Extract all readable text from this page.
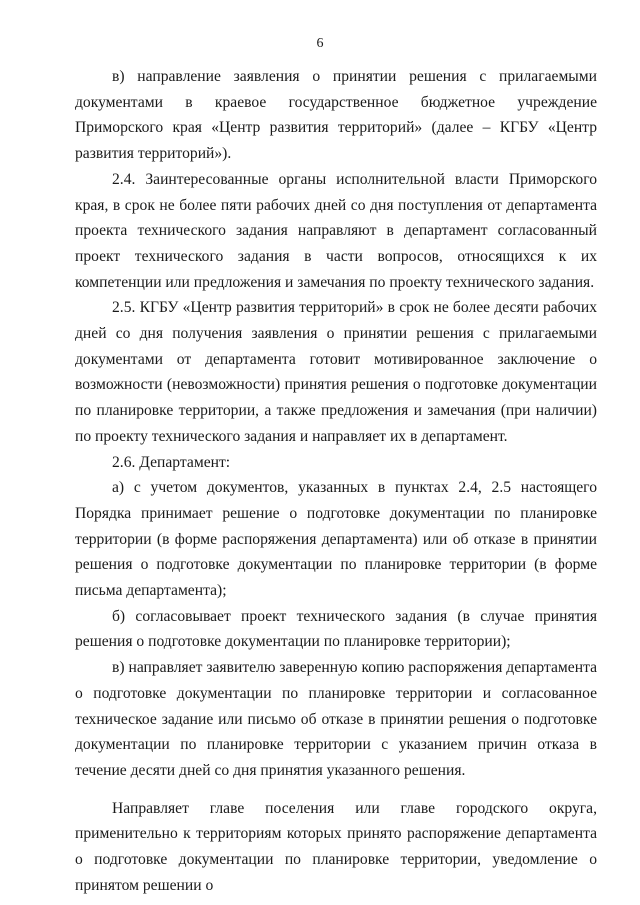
6

в) направление заявления о принятии решения с прилагаемыми документами в краевое государственное бюджетное учреждение Приморского края «Центр развития территорий» (далее – КГБУ «Центр развития территорий»).

2.4. Заинтересованные органы исполнительной власти Приморского края, в срок не более пяти рабочих дней со дня поступления от департамента проекта технического задания направляют в департамент согласованный проект технического задания в части вопросов, относящихся к их компетенции или предложения и замечания по проекту технического задания.

2.5. КГБУ «Центр развития территорий» в срок не более десяти рабочих дней со дня получения заявления о принятии решения с прилагаемыми документами от департамента готовит мотивированное заключение о возможности (невозможности) принятия решения о подготовке документации по планировке территории, а также предложения и замечания (при наличии) по проекту технического задания и направляет их в департамент.

2.6. Департамент:

а) с учетом документов, указанных в пунктах 2.4, 2.5 настоящего Порядка принимает решение о подготовке документации по планировке территории (в форме распоряжения департамента) или об отказе в принятии решения о подготовке документации по планировке территории (в форме письма департамента);

б) согласовывает проект технического задания (в случае принятия решения о подготовке документации по планировке территории);

в) направляет заявителю заверенную копию распоряжения департамента о подготовке документации по планировке территории и согласованное техническое задание или письмо об отказе в принятии решения о подготовке документации по планировке территории с указанием причин отказа в течение десяти дней со дня принятия указанного решения.

Направляет главе поселения или главе городского округа, применительно к территориям которых принято распоряжение департамента о подготовке документации по планировке территории, уведомление о принятом решении о
